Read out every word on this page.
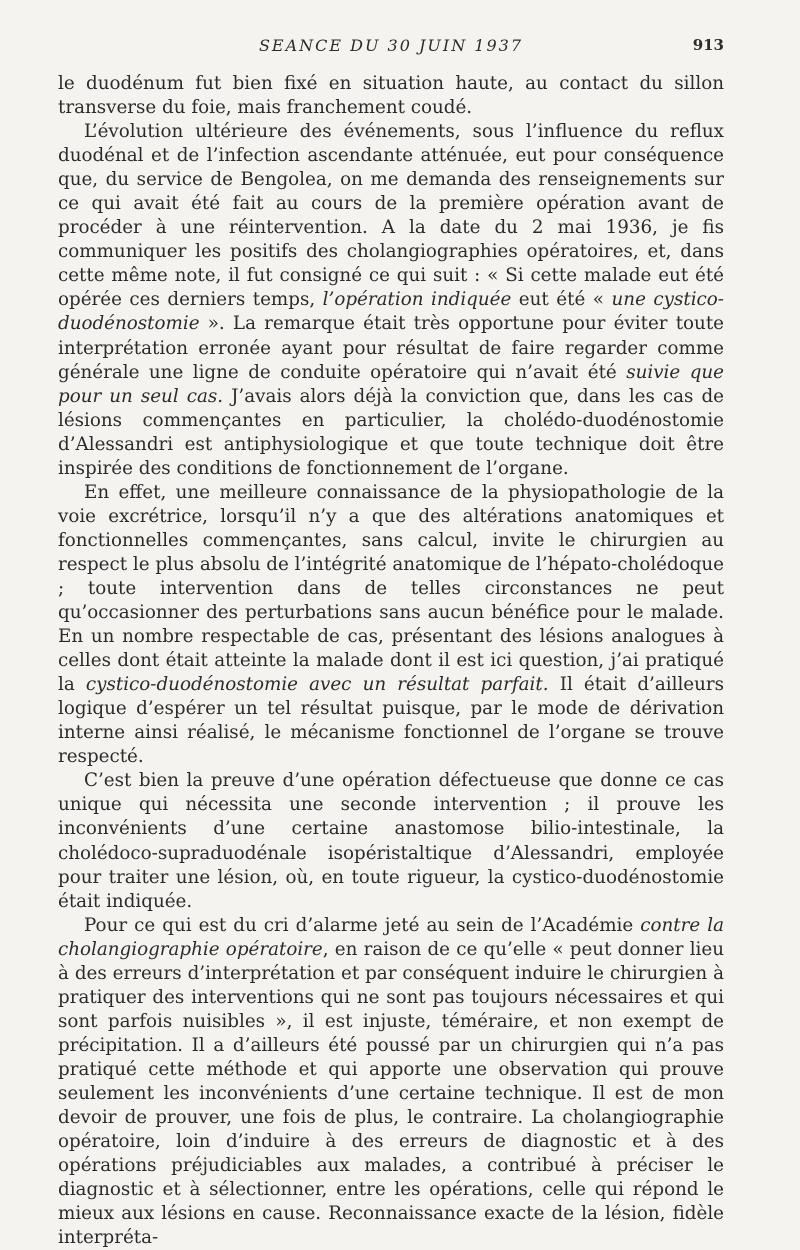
SEANCE DU 30 JUIN 1937	913

le duodénum fut bien fixé en situation haute, au contact du sillon transverse du foie, mais franchement coudé.

L’évolution ultérieure des événements, sous l’influence du reflux duodénal et de l’infection ascendante atténuée, eut pour conséquence que, du service de Bengolea, on me demanda des renseignements sur ce qui avait été fait au cours de la première opération avant de procéder à une réintervention. A la date du 2 mai 1936, je fis communiquer les positifs des cholangiographies opératoires, et, dans cette même note, il fut consigné ce qui suit : « Si cette malade eut été opérée ces derniers temps, l’opération indiquée eut été « une cystico-duodénostomie ». La remarque était très opportune pour éviter toute interprétation erronée ayant pour résultat de faire regarder comme générale une ligne de conduite opératoire qui n’avait été suivie que pour un seul cas. J’avais alors déjà la conviction que, dans les cas de lésions commençantes en particulier, la cholédo-duodénostomie d’Alessandri est antiphysiologique et que toute technique doit être inspirée des conditions de fonctionnement de l’organe.

En effet, une meilleure connaissance de la physiopathologie de la voie excrétrice, lorsqu’il n’y a que des altérations anatomiques et fonctionnelles commençantes, sans calcul, invite le chirurgien au respect le plus absolu de l’intégrité anatomique de l’hépato-cholédoque ; toute intervention dans de telles circonstances ne peut qu’occasionner des perturbations sans aucun bénéfice pour le malade. En un nombre respectable de cas, présentant des lésions analogues à celles dont était atteinte la malade dont il est ici question, j’ai pratiqué la cystico-duodénostomie avec un résultat parfait. Il était d’ailleurs logique d’espérer un tel résultat puisque, par le mode de dérivation interne ainsi réalisé, le mécanisme fonctionnel de l’organe se trouve respecté.

C’est bien la preuve d’une opération défectueuse que donne ce cas unique qui nécessita une seconde intervention ; il prouve les inconvénients d’une certaine anastomose bilio-intestinale, la cholédoco-supraduodénale isopéristaltique d’Alessandri, employée pour traiter une lésion, où, en toute rigueur, la cystico-duodénostomie était indiquée.

Pour ce qui est du cri d’alarme jeté au sein de l’Académie contre la cholangiographie opératoire, en raison de ce qu’elle « peut donner lieu à des erreurs d’interprétation et par conséquent induire le chirurgien à pratiquer des interventions qui ne sont pas toujours nécessaires et qui sont parfois nuisibles », il est injuste, téméraire, et non exempt de précipitation. Il a d’ailleurs été poussé par un chirurgien qui n’a pas pratiqué cette méthode et qui apporte une observation qui prouve seulement les inconvénients d’une certaine technique. Il est de mon devoir de prouver, une fois de plus, le contraire. La cholangiographie opératoire, loin d’induire à des erreurs de diagnostic et à des opérations préjudiciables aux malades, a contribué à préciser le diagnostic et à sélectionner, entre les opérations, celle qui répond le mieux aux lésions en cause. Reconnaissance exacte de la lésion, fidèle interpréta-
